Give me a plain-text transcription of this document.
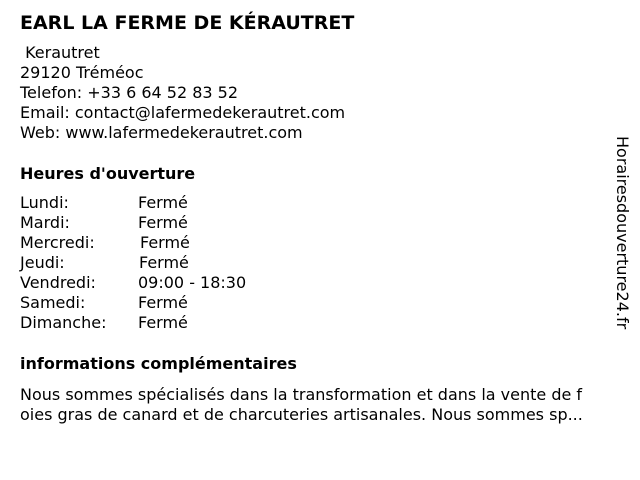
EARL LA FERME DE KÉRAUTRET
Kerautret
29120 Tréméoc
Telefon: +33 6 64 52 83 52
Email: contact@lafermedekerautret.com
Web: www.lafermedekerautret.com
Heures d'ouverture
Lundi:	Fermé
Mardi:	Fermé
Mercredi:	Fermé
Jeudi:	Fermé
Vendredi:	09:00 - 18:30
Samedi:	Fermé
Dimanche: Fermé
informations complémentaires
Nous sommes spécialisés dans la transformation et dans la vente de f
oies gras de canard et de charcuteries artisanales. Nous sommes sp...
Horairesdouverture24.fr
